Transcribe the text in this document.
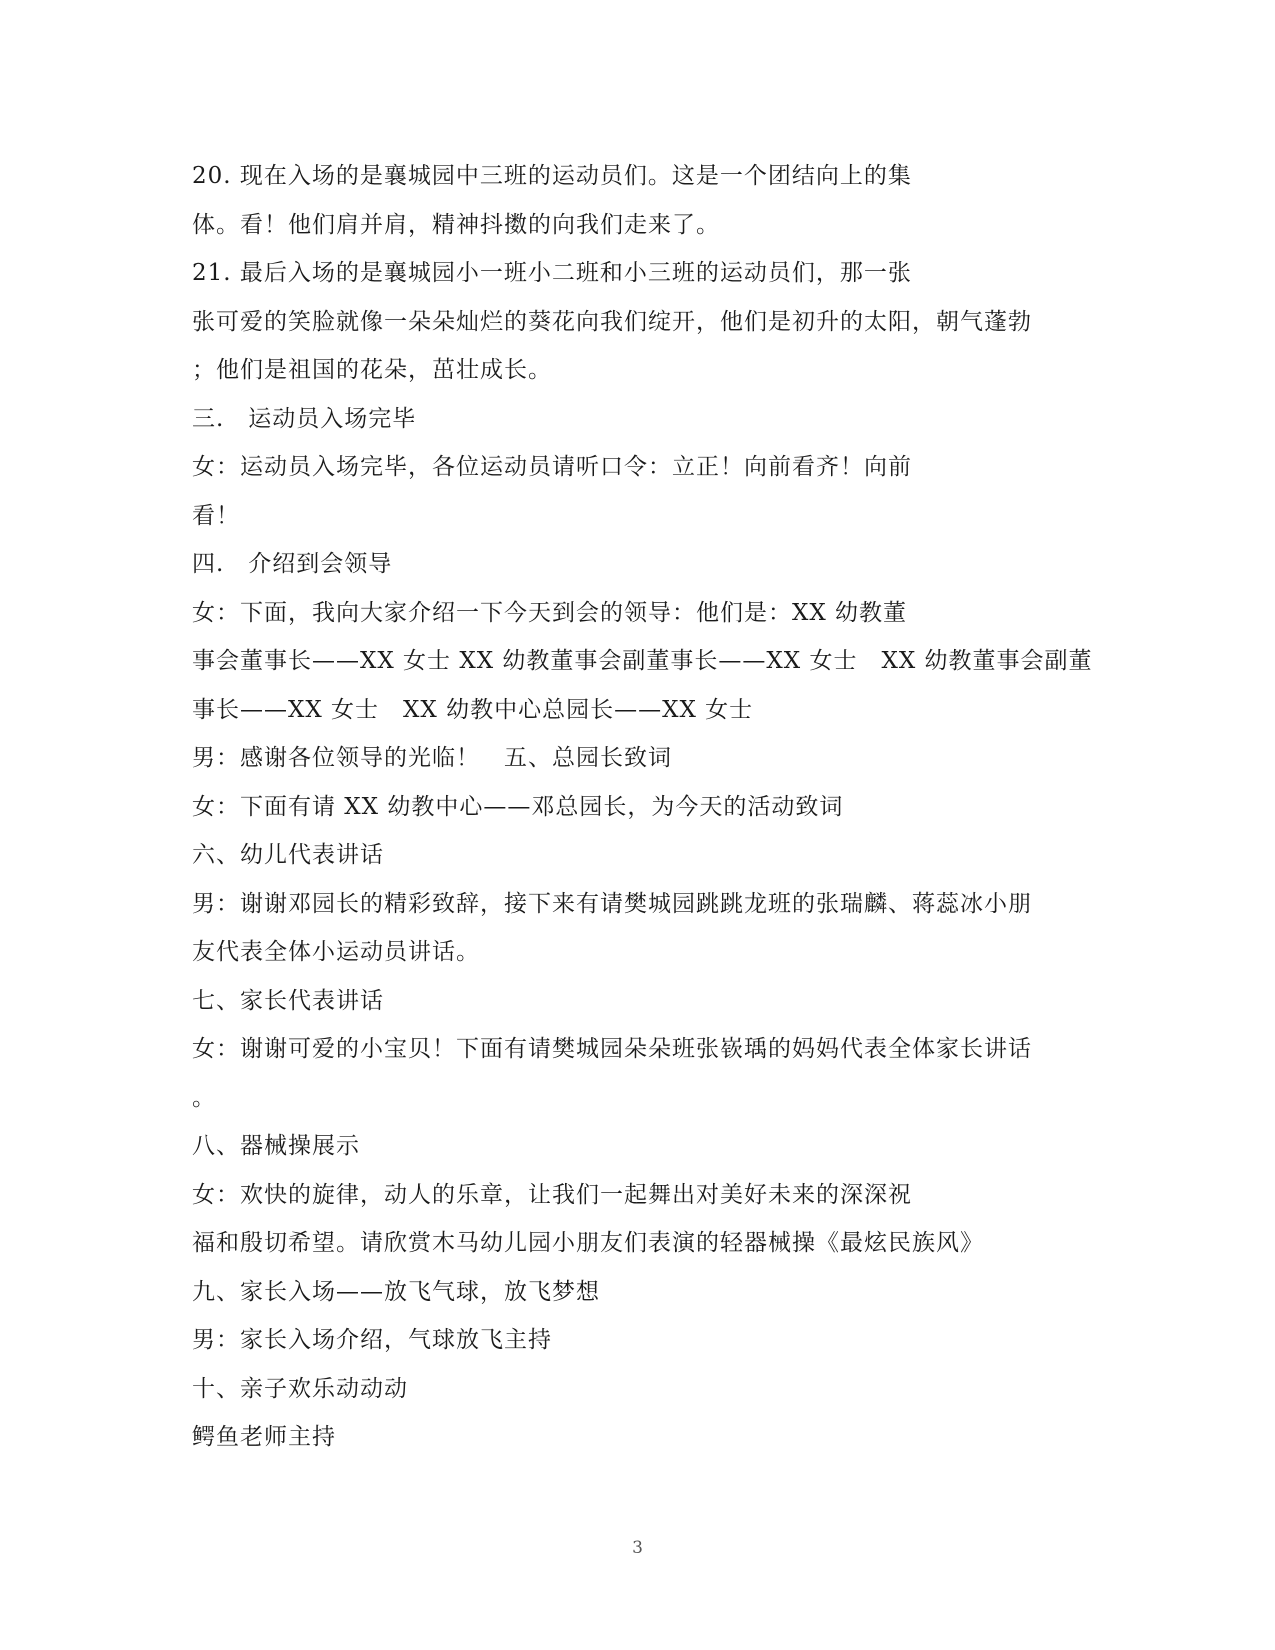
20. 现在入场的是襄城园中三班的运动员们。这是一个团结向上的集
体。看！他们肩并肩，精神抖擞的向我们走来了。
21. 最后入场的是襄城园小一班小二班和小三班的运动员们，那一张
张可爱的笑脸就像一朵朵灿烂的葵花向我们绽开，他们是初升的太阳，朝气蓬勃
；他们是祖国的花朵，茁壮成长。
三.　运动员入场完毕
女：运动员入场完毕，各位运动员请听口令：立正！向前看齐！向前
看！
四.　介绍到会领导
女：下面，我向大家介绍一下今天到会的领导：他们是：XX 幼教董
事会董事长——XX 女士 XX 幼教董事会副董事长——XX 女士　XX 幼教董事会副董
事长——XX 女士　XX 幼教中心总园长——XX 女士
男：感谢各位领导的光临！　五、总园长致词
女：下面有请 XX 幼教中心——邓总园长，为今天的活动致词
六、幼儿代表讲话
男：谢谢邓园长的精彩致辞，接下来有请樊城园跳跳龙班的张瑞麟、蒋蕊冰小朋
友代表全体小运动员讲话。
七、家长代表讲话
女：谢谢可爱的小宝贝！下面有请樊城园朵朵班张嵚瑀的妈妈代表全体家长讲话
。
八、器械操展示
女：欢快的旋律，动人的乐章，让我们一起舞出对美好未来的深深祝
福和殷切希望。请欣赏木马幼儿园小朋友们表演的轻器械操《最炫民族风》
九、家长入场——放飞气球，放飞梦想
男：家长入场介绍，气球放飞主持
十、亲子欢乐动动动
鳄鱼老师主持
3
